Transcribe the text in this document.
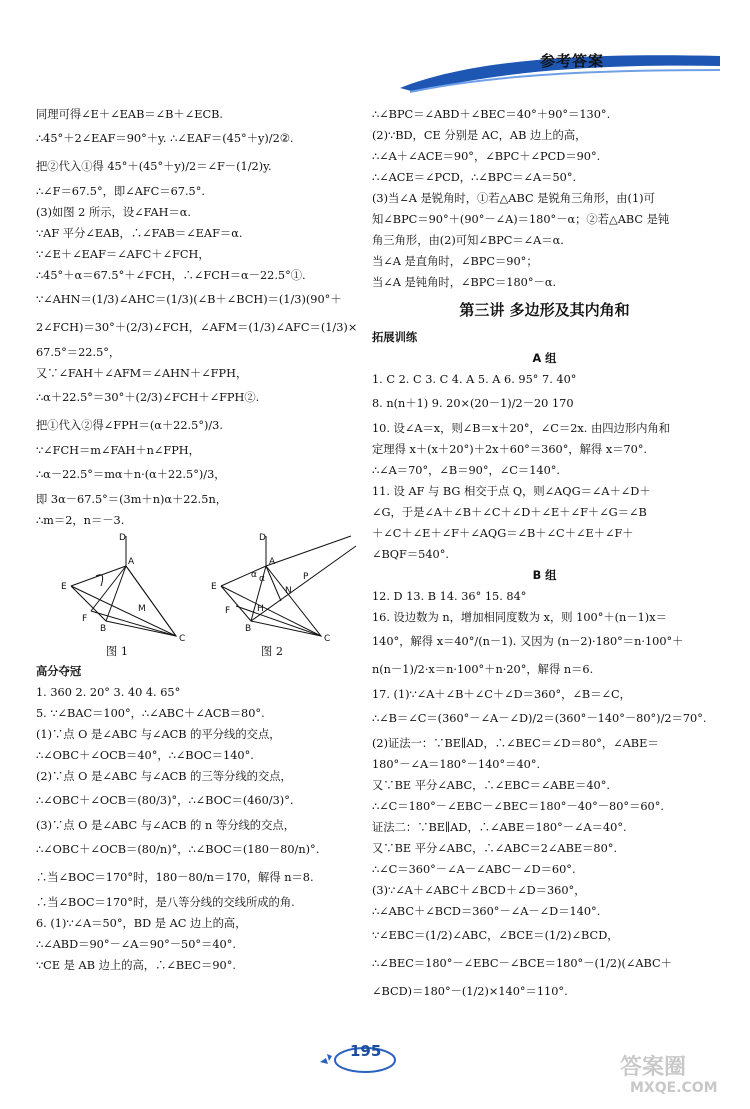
参考答案
同理可得∠E＋∠EAB＝∠B＋∠ECB.
∴45°＋2∠EAF＝90°＋y. ∴∠EAF＝(45°＋y)/2②.
把②代入①得 45°＋(45°＋y)/2＝∠F－(1/2)y.
∴∠F＝67.5°，即∠AFC＝67.5°.
(3)如图 2 所示，设∠FAH＝α.
∵AF 平分∠EAB，∴∠FAB＝∠EAF＝α.
∵∠E＋∠EAF＝∠AFC＋∠FCH，
∴45°＋α＝67.5°＋∠FCH，∴∠FCH＝α－22.5°①.
∵∠AHN＝(1/3)∠AHC＝(1/3)(∠B＋∠BCH)＝(1/3)(90°＋
2∠FCH)＝30°＋(2/3)∠FCH，∠AFM＝(1/3)∠AFC＝(1/3)×
67.5°＝22.5°，
又∵∠FAH＋∠AFM＝∠AHN＋∠FPH，
∴α＋22.5°＝30°＋(2/3)∠FCH＋∠FPH②.
把①代入②得∠FPH＝(α＋22.5°)/3.
∵∠FCH＝m∠FAH＋n∠FPH，
∴α－22.5°＝mα＋n·(α＋22.5°)/3，
即 3α－67.5°＝(3m＋n)α＋22.5n，
∴m＝2，n＝－3.
D
A
E
F
M
B
C
图 1
D
A
P
E	N
F	H
B
C
α α
图 2
高分夺冠
1. 360 2. 20° 3. 40 4. 65°
5. ∵∠BAC＝100°，∴∠ABC＋∠ACB＝80°.
(1)∵点 O 是∠ABC 与∠ACB 的平分线的交点，
∴∠OBC＋∠OCB＝40°，∴∠BOC＝140°.
(2)∵点 O 是∠ABC 与∠ACB 的三等分线的交点，
∴∠OBC＋∠OCB＝(80/3)°，∴∠BOC＝(460/3)°.
(3)∵点 O 是∠ABC 与∠ACB 的 n 等分线的交点，
∴∠OBC＋∠OCB＝(80/n)°，∴∠BOC＝(180－80/n)°.
∴当∠BOC＝170°时，180－80/n＝170，解得 n＝8.
∴当∠BOC＝170°时，是八等分线的交线所成的角.
6. (1)∵∠A＝50°，BD 是 AC 边上的高，
∴∠ABD＝90°－∠A＝90°－50°＝40°.
∵CE 是 AB 边上的高，∴∠BEC＝90°.
∴∠BPC＝∠ABD＋∠BEC＝40°＋90°＝130°.
(2)∵BD，CE 分别是 AC，AB 边上的高，
∴∠A＋∠ACE＝90°，∠BPC＋∠PCD＝90°.
∴∠ACE＝∠PCD，∴∠BPC＝∠A＝50°.
(3)当∠A 是锐角时，①若△ABC 是锐角三角形，由(1)可
知∠BPC＝90°＋(90°－∠A)＝180°－α；②若△ABC 是钝
角三角形，由(2)可知∠BPC＝∠A＝α.
当∠A 是直角时，∠BPC＝90°；
当∠A 是钝角时，∠BPC＝180°－α.
第三讲 多边形及其内角和
拓展训练
A 组
1. C 2. C 3. C 4. A 5. A 6. 95° 7. 40°
8. n(n＋1) 9. 20×(20－1)/2－20 170
10. 设∠A＝x，则∠B＝x＋20°，∠C＝2x. 由四边形内角和
定理得 x＋(x＋20°)＋2x＋60°＝360°，解得 x＝70°.
∴∠A＝70°，∠B＝90°，∠C＝140°.
11. 设 AF 与 BG 相交于点 Q，则∠AQG＝∠A＋∠D＋
∠G，于是∠A＋∠B＋∠C＋∠D＋∠E＋∠F＋∠G＝∠B
＋∠C＋∠E＋∠F＋∠AQG＝∠B＋∠C＋∠E＋∠F＋
∠BQF＝540°.
B 组
12. D 13. B 14. 36° 15. 84°
16. 设边数为 n，增加相同度数为 x，则 100°＋(n－1)x＝
140°，解得 x＝40°/(n－1). 又因为 (n－2)·180°＝n·100°＋
n(n－1)/2·x＝n·100°＋n·20°，解得 n＝6.
17. (1)∵∠A＋∠B＋∠C＋∠D＝360°，∠B＝∠C，
∴∠B＝∠C＝(360°－∠A－∠D)/2＝(360°－140°－80°)/2＝70°.
(2)证法一：∵BE∥AD，∴∠BEC＝∠D＝80°，∠ABE＝
180°－∠A＝180°－140°＝40°.
又∵BE 平分∠ABC，∴∠EBC＝∠ABE＝40°.
∴∠C＝180°－∠EBC－∠BEC＝180°－40°－80°＝60°.
证法二：∵BE∥AD，∴∠ABE＝180°－∠A＝40°.
又∵BE 平分∠ABC，∴∠ABC＝2∠ABE＝80°.
∴∠C＝360°－∠A－∠ABC－∠D＝60°.
(3)∵∠A＋∠ABC＋∠BCD＋∠D＝360°，
∴∠ABC＋∠BCD＝360°－∠A－∠D＝140°.
∵∠EBC＝(1/2)∠ABC，∠BCE＝(1/2)∠BCD，
∴∠BEC＝180°－∠EBC－∠BCE＝180°－(1/2)(∠ABC＋
∠BCD)＝180°－(1/2)×140°＝110°.
195
答案圈
MXQE.COM
